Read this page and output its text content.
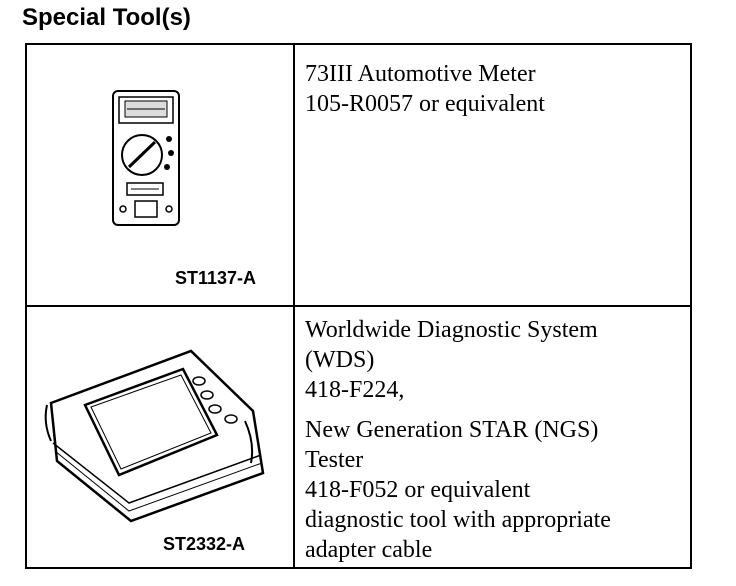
Special Tool(s)
ST1137-A
73III Automotive Meter
105-R0057 or equivalent
ST2332-A
Worldwide Diagnostic System
(WDS)
418-F224,
New Generation STAR (NGS)
Tester
418-F052 or equivalent
diagnostic tool with appropriate
adapter cable
